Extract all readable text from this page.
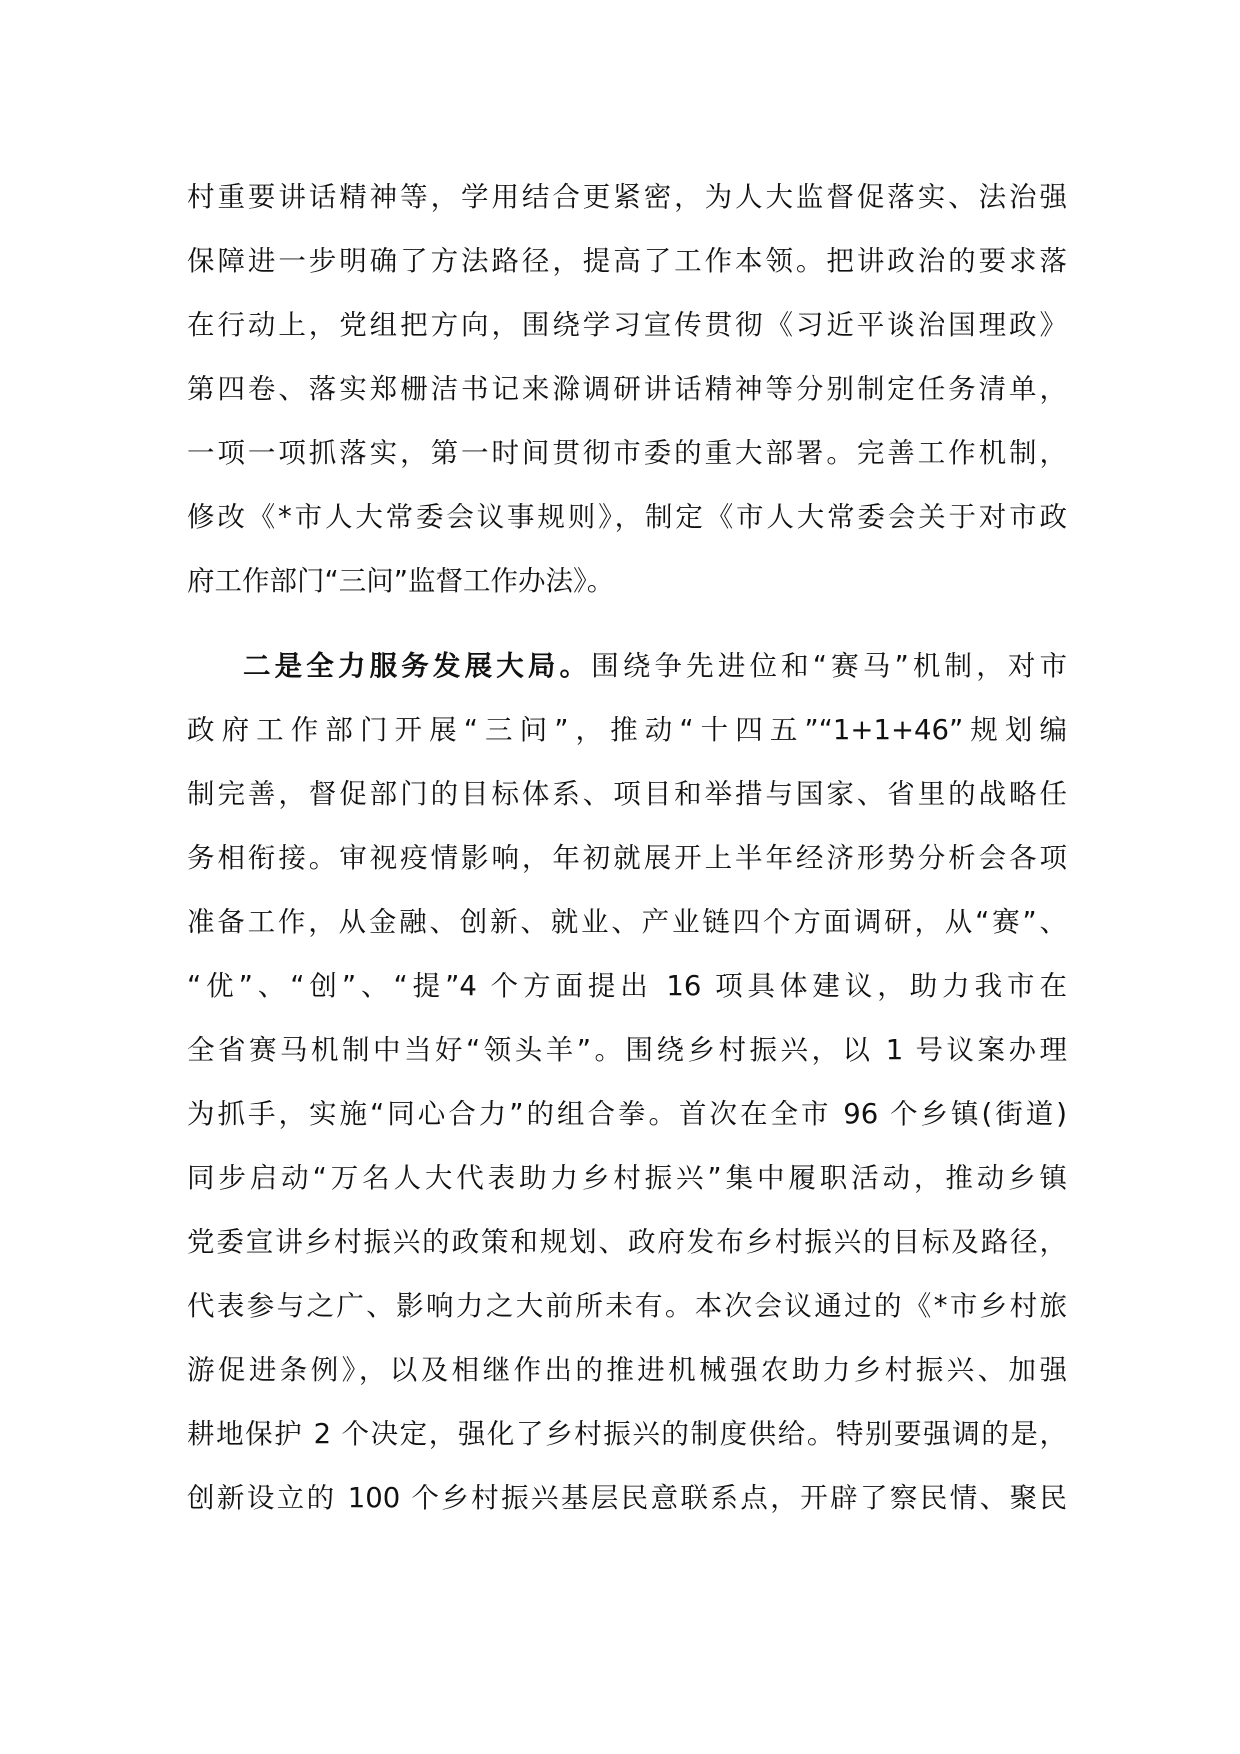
村重要讲话精神等，学用结合更紧密，为人大监督促落实、法治强
保障进一步明确了方法路径，提高了工作本领。把讲政治的要求落
在行动上，党组把方向，围绕学习宣传贯彻《习近平谈治国理政》
第四卷、落实郑栅洁书记来滁调研讲话精神等分别制定任务清单，
一项一项抓落实，第一时间贯彻市委的重大部署。完善工作机制，
修改《*市人大常委会议事规则》，制定《市人大常委会关于对市政
府工作部门“三问”监督工作办法》。
二是全力服务发展大局。围绕争先进位和“赛马”机制，对市
政府工作部门开展“三问”，推动“十四五”“1+1+46”规划编
制完善，督促部门的目标体系、项目和举措与国家、省里的战略任
务相衔接。审视疫情影响，年初就展开上半年经济形势分析会各项
准备工作，从金融、创新、就业、产业链四个方面调研，从“赛”、
“优”、“创”、“提”4 个方面提出 16 项具体建议，助力我市在
全省赛马机制中当好“领头羊”。围绕乡村振兴，以 1 号议案办理
为抓手，实施“同心合力”的组合拳。首次在全市 96 个乡镇(街道)
同步启动“万名人大代表助力乡村振兴”集中履职活动，推动乡镇
党委宣讲乡村振兴的政策和规划、政府发布乡村振兴的目标及路径，
代表参与之广、影响力之大前所未有。本次会议通过的《*市乡村旅
游促进条例》，以及相继作出的推进机械强农助力乡村振兴、加强
耕地保护 2 个决定，强化了乡村振兴的制度供给。特别要强调的是，
创新设立的 100 个乡村振兴基层民意联系点，开辟了察民情、聚民
